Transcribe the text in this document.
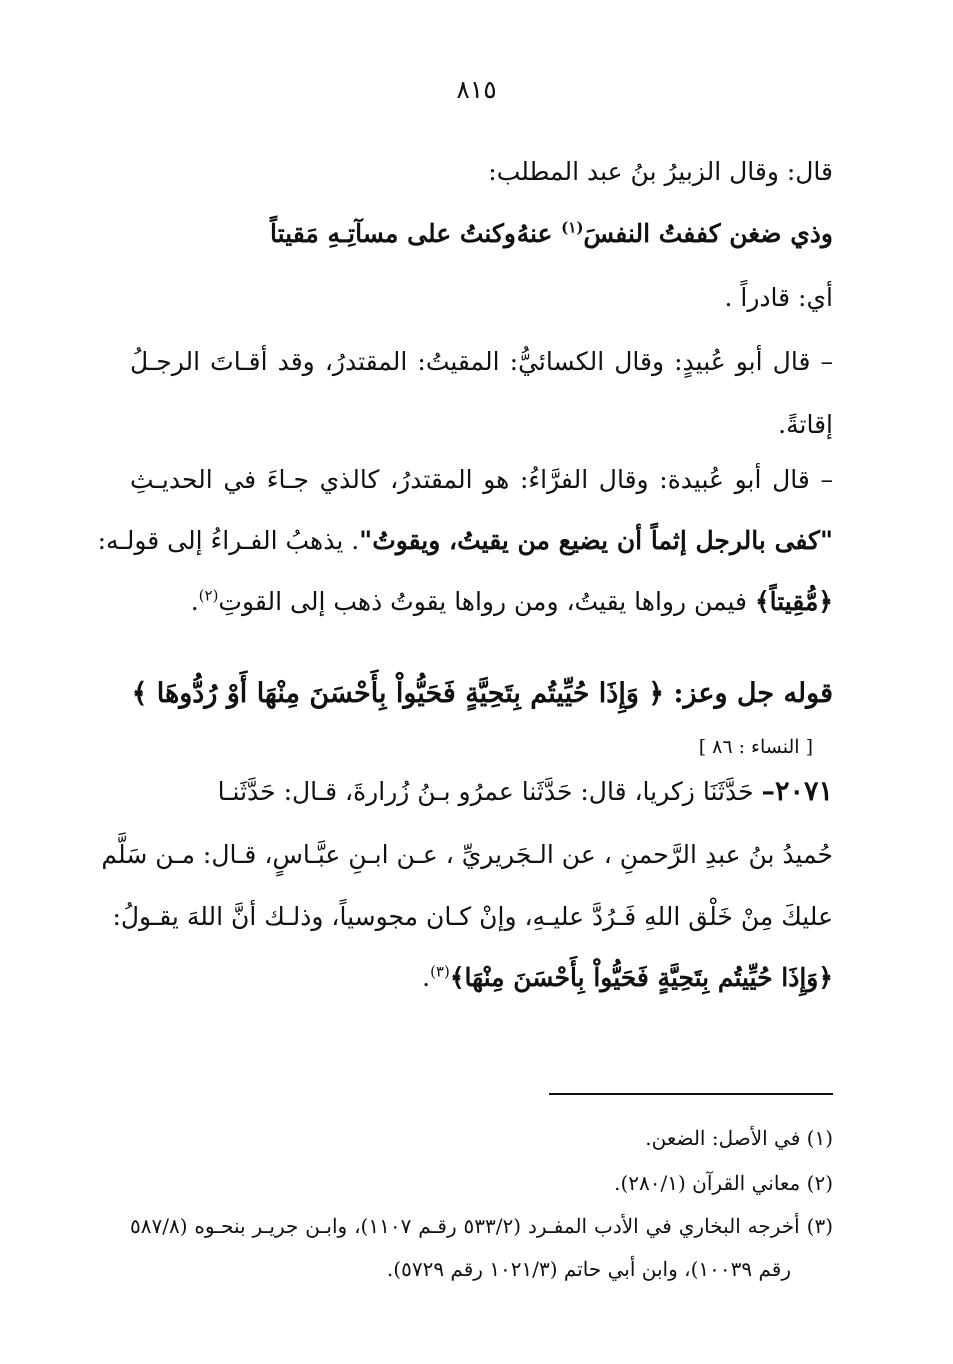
٨١٥
قال: وقال الزبيرُ بنُ عبد المطلب:
وذي ضغن كففتُ النفسَ$^{(١)}$ عنهُ
وكنتُ على مسآتِـهِ مَقيتاً
أي: قادراً .
– قال أبو عُبيدٍ: وقال الكسائيُّ: المقيتُ: المقتدرُ، وقد أقـاتَ الرجـلُ
إقاتةً.
– قال أبو عُبيدة: وقال الفرَّاءُ: هو المقتدرُ، كالذي جـاءَ في الحديـثِ
"كفى بالرجل إثماً أن يضيع من يقيتُ، ويقوتُ". يذهبُ الفـراءُ إلى قولـه:
﴿مُّقِيتاً﴾ فيمن رواها يقيتُ، ومن رواها يقوتُ ذهب إلى القوتِ$^{(٢)}$.
قوله جل وعز: ﴿ وَإِذَا حُيِّيتُم بِتَحِيَّةٍ فَحَيُّواْ بِأَحْسَنَ مِنْهَا أَوْ رُدُّوهَا ﴾
[ النساء : ٨٦ ]
٢٠٧١– حَدَّثَنَا زكريا، قال: حَدَّثَنا عمرُو بـنُ زُرارةَ، قـال: حَدَّثَنـا
حُميدُ بنُ عبدِ الرَّحمنِ ، عن الـجَريريِّ ، عـن ابـنِ عبَّـاسٍ، قـال: مـن سَلَّم
عليكَ مِنْ خَلْق اللهِ فَـرُدَّ عليـهِ، وإنْ كـان مجوسياً، وذلـك أنَّ اللهَ يقـولُ:
﴿وَإِذَا حُيِّيتُم بِتَحِيَّةٍ فَحَيُّواْ بِأَحْسَنَ مِنْهَا﴾$^{(٣)}$.
(١) في الأصل: الضعن.
(٢) معاني القرآن (٢٨٠/١).
(٣) أخرجه البخاري في الأدب المفـرد (٥٣٣/٢ رقـم ١١٠٧)، وابـن جريـر بنحـوه (٥٨٧/٨
رقم ١٠٠٣٩)، وابن أبي حاتم (١٠٢١/٣ رقم ٥٧٢٩).
